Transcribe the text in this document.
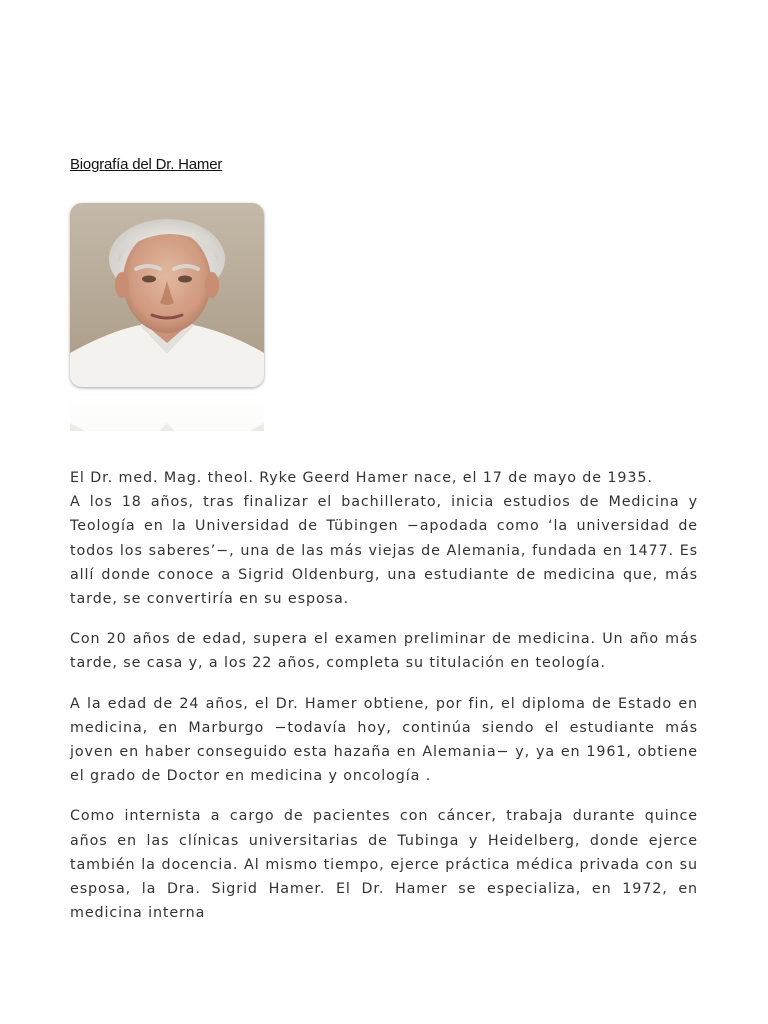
Biografía del Dr. Hamer

El Dr. med. Mag. theol. Ryke Geerd Hamer nace, el 17 de mayo de 1935.

A los 18 años, tras finalizar el bachillerato, inicia estudios de Medicina y Teología en la Universidad de Tübingen −apodada como ‘la universidad de todos los saberes’−, una de las más viejas de Alemania, fundada en 1477. Es allí donde conoce a Sigrid Oldenburg, una estudiante de medicina que, más tarde, se convertiría en su esposa.

Con 20 años de edad, supera el examen preliminar de medicina. Un año más tarde, se casa y, a los 22 años, completa su titulación en teología.

A la edad de 24 años, el Dr. Hamer obtiene, por fin, el diploma de Estado en medicina, en Marburgo −todavía hoy, continúa siendo el estudiante más joven en haber conseguido esta hazaña en Alemania− y, ya en 1961, obtiene el grado de Doctor en medicina y oncología .

Como internista a cargo de pacientes con cáncer, trabaja durante quince años en las clínicas universitarias de Tubinga y Heidelberg, donde ejerce también la docencia. Al mismo tiempo, ejerce práctica médica privada con su esposa, la Dra. Sigrid Hamer. El Dr. Hamer se especializa, en 1972, en medicina interna
